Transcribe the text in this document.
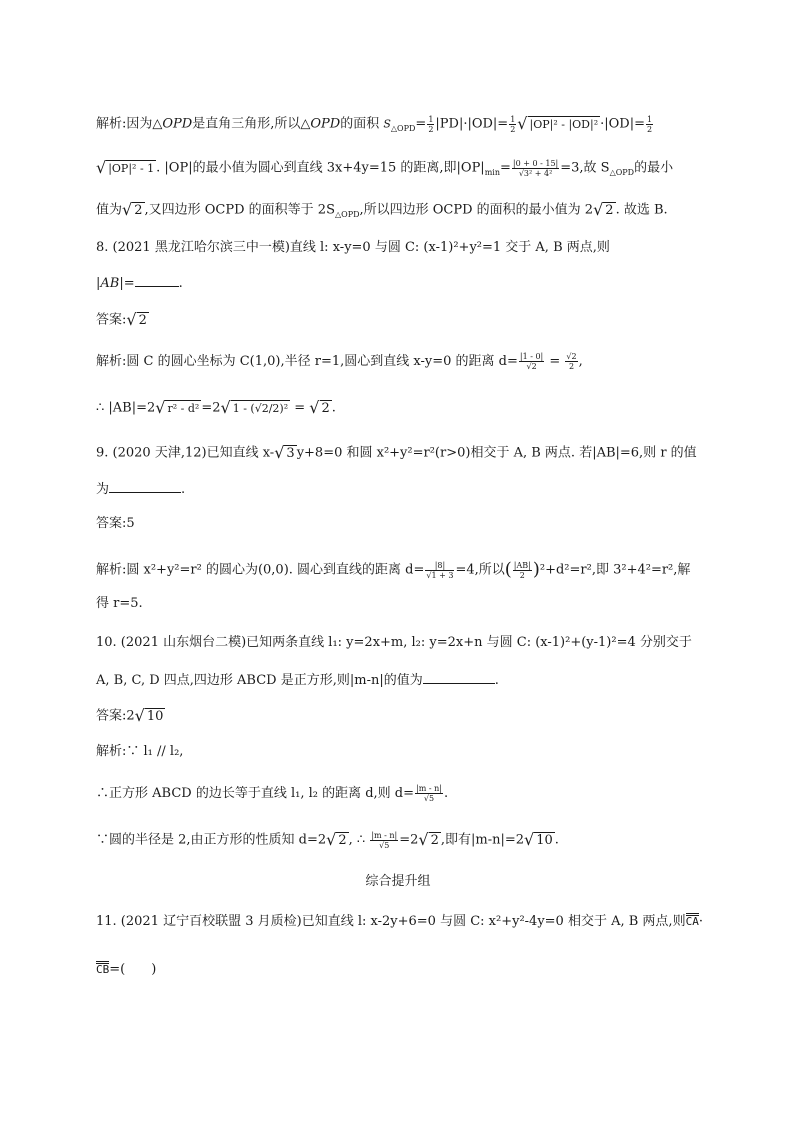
解析:因为△OPD是直角三角形,所以△OPD的面积 $S_{\triangle OPD}= \frac{1}{2} |PD|\cdot|OD|= \frac{1}{2}$ √ $|OP|^2 - |OD|^2 \cdot|OD|= \frac{1}{2}$
√ |OP|² - 1 . |OP|的最小值为圆心到直线 3x+4y=15 的距离,即$|OP|_{min}= \frac{|0 + 0 - 15|}{\text{√3² + 4²}} =3$,故 $S_{\triangle OPD}$的最小
值为√ 2 ,又四边形 OCPD 的面积等于 $2S_{\triangle OPD}$,所以四边形 OCPD 的面积的最小值为 2√ 2 . 故选 B.
8. (2021 黑龙江哈尔滨三中一模)直线 l: x-y=0 与圆 C: (x-1)²+y²=1 交于 A, B 两点,则
|AB|=	.
答案:√ 2
解析:圆 C 的圆心坐标为 C(1,0),半径 r=1,圆心到直线 x-y=0 的距离 $d= \frac{|1 - 0|}{√2} = \frac{√2}{2}$ ,
∴ |AB|=2√ r² - d² =2√ 1 - (√2/2)² = √ 2 .
9. (2020 天津,12)已知直线 x-√ 3 y+8=0 和圆 x²+y²=r²(r>0)相交于 A, B 两点. 若|AB|=6,则 r 的值
为	.
答案:5
解析:圆 x²+y²=r² 的圆心为(0,0). 圆心到直线的距离 $d= \frac{|8|}{√1 + 3} =4$,所以( $\frac{|AB|}{2} )^2+d^2=r^2$,即 3²+4²=r²,解
得 r=5.
10. (2021 山东烟台二模)已知两条直线 l₁: y=2x+m, l₂: y=2x+n 与圆 C: (x-1)²+(y-1)²=4 分别交于
A, B, C, D 四点,四边形 ABCD 是正方形,则|m-n|的值为	.
答案:2√ 10
解析:∵ l₁ // l₂,
∴正方形 ABCD 的边长等于直线 l₁, l₂ 的距离 d,则 $d= \frac{|m - n|}{√5}$ .
∵圆的半径是 2,由正方形的性质知 d=2√ 2 , ∴ $\frac{|m - n|}{√5} =2√$ 2 ,即有|m-n|=2√ 10 .
综合提升组
11. (2021 辽宁百校联盟 3 月质检)已知直线 l: x-2y+6=0 与圆 C: x²+y²-4y=0 相交于 A, B 两点,则CA·
CB=(　　)
